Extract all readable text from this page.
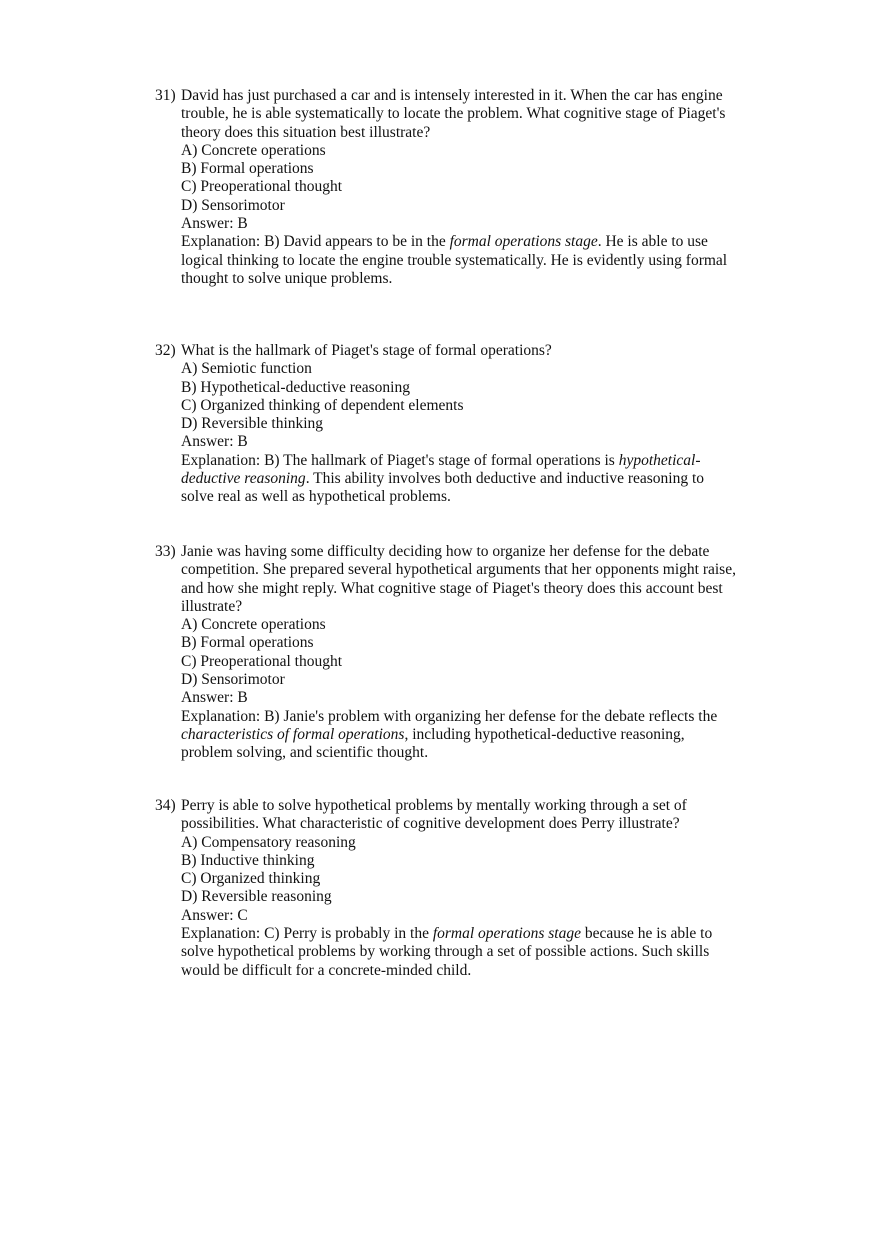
31) David has just purchased a car and is intensely interested in it. When the car has engine
trouble, he is able systematically to locate the problem. What cognitive stage of Piaget's
theory does this situation best illustrate?
A) Concrete operations
B) Formal operations
C) Preoperational thought
D) Sensorimotor
Answer: B
Explanation: B) David appears to be in the formal operations stage. He is able to use
logical thinking to locate the engine trouble systematically. He is evidently using formal
thought to solve unique problems.
32) What is the hallmark of Piaget's stage of formal operations?
A) Semiotic function
B) Hypothetical-deductive reasoning
C) Organized thinking of dependent elements
D) Reversible thinking
Answer: B
Explanation: B) The hallmark of Piaget's stage of formal operations is hypothetical-
deductive reasoning. This ability involves both deductive and inductive reasoning to
solve real as well as hypothetical problems.
33) Janie was having some difficulty deciding how to organize her defense for the debate
competition. She prepared several hypothetical arguments that her opponents might raise,
and how she might reply. What cognitive stage of Piaget's theory does this account best
illustrate?
A) Concrete operations
B) Formal operations
C) Preoperational thought
D) Sensorimotor
Answer: B
Explanation: B) Janie's problem with organizing her defense for the debate reflects the
characteristics of formal operations, including hypothetical-deductive reasoning,
problem solving, and scientific thought.
34) Perry is able to solve hypothetical problems by mentally working through a set of
possibilities. What characteristic of cognitive development does Perry illustrate?
A) Compensatory reasoning
B) Inductive thinking
C) Organized thinking
D) Reversible reasoning
Answer: C
Explanation: C) Perry is probably in the formal operations stage because he is able to
solve hypothetical problems by working through a set of possible actions. Such skills
would be difficult for a concrete-minded child.
